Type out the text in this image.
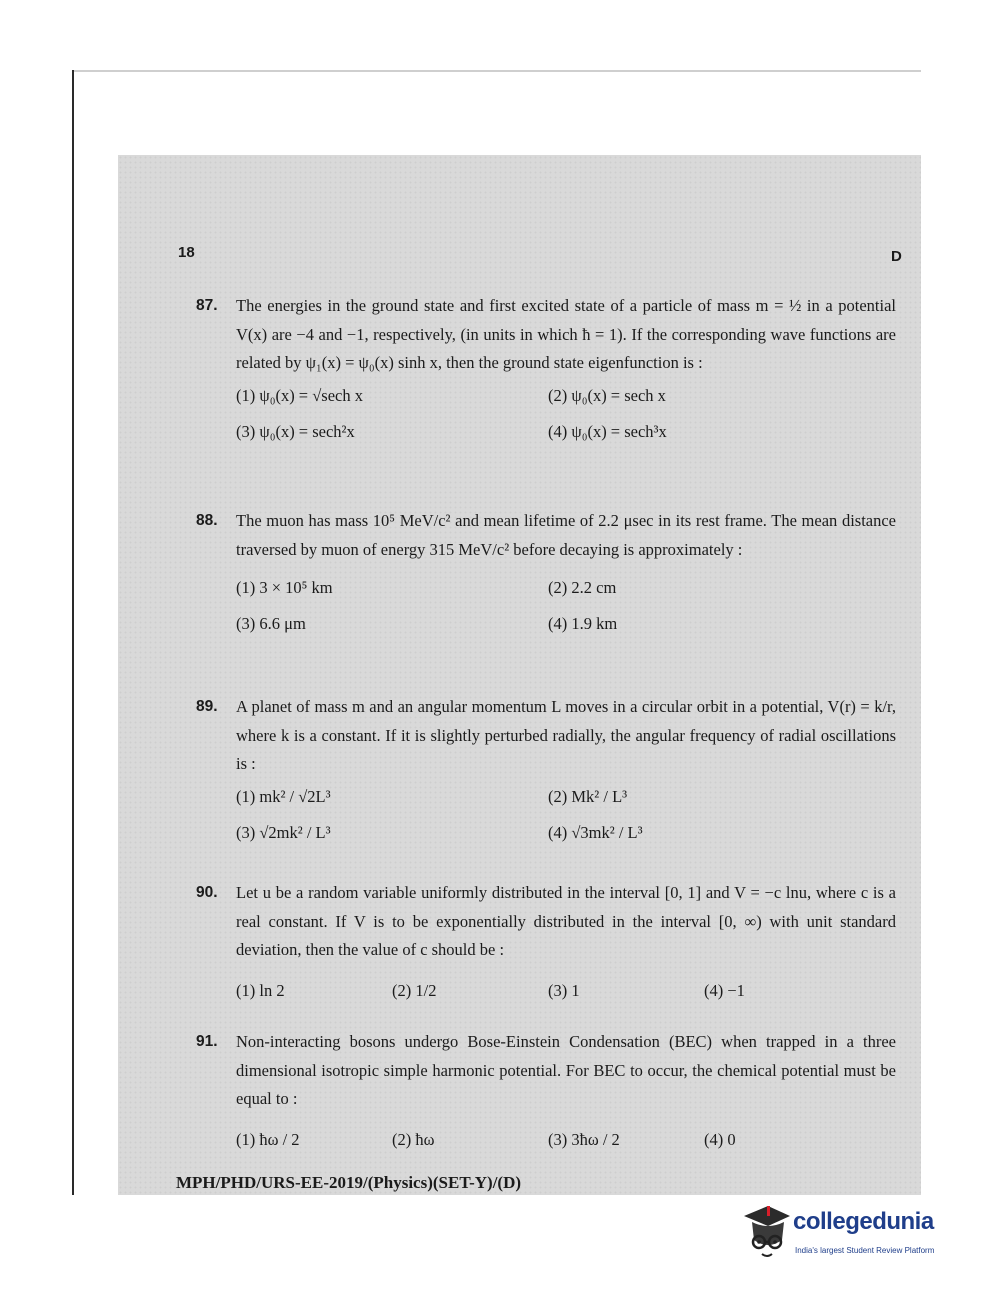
18	D
87. The energies in the ground state and first excited state of a particle of mass m = ½ in a potential V(x) are −4 and −1, respectively, (in units in which ħ = 1). If the corresponding wave functions are related by ψ₁(x) = ψ₀(x) sinh x, then the ground state eigenfunction is :
(1) ψ₀(x) = √sech x	(2) ψ₀(x) = sech x
(3) ψ₀(x) = sech²x	(4) ψ₀(x) = sech³x
88. The muon has mass 10⁵ MeV/c² and mean lifetime of 2.2 μsec in its rest frame. The mean distance traversed by muon of energy 315 MeV/c² before decaying is approximately :
(1) 3 × 10⁵ km	(2) 2.2 cm
(3) 6.6 μm	(4) 1.9 km
89. A planet of mass m and an angular momentum L moves in a circular orbit in a potential, V(r) = k/r, where k is a constant. If it is slightly perturbed radially, the angular frequency of radial oscillations is :
(1) mk² / √2L³	(2) Mk² / L³
(3) √2mk² / L³	(4) √3mk² / L³
90. Let u be a random variable uniformly distributed in the interval [0, 1] and V = −c lnu, where c is a real constant. If V is to be exponentially distributed in the interval [0, ∞) with unit standard deviation, then the value of c should be :
(1) ln 2	(2) 1/2	(3) 1	(4) −1
91. Non-interacting bosons undergo Bose-Einstein Condensation (BEC) when trapped in a three dimensional isotropic simple harmonic potential. For BEC to occur, the chemical potential must be equal to :
(1) ħω / 2	(2) ħω	(3) 3ħω / 2	(4) 0
MPH/PHD/URS-EE-2019/(Physics)(SET-Y)/(D)
collegedunia
India's largest Student Review Platform
